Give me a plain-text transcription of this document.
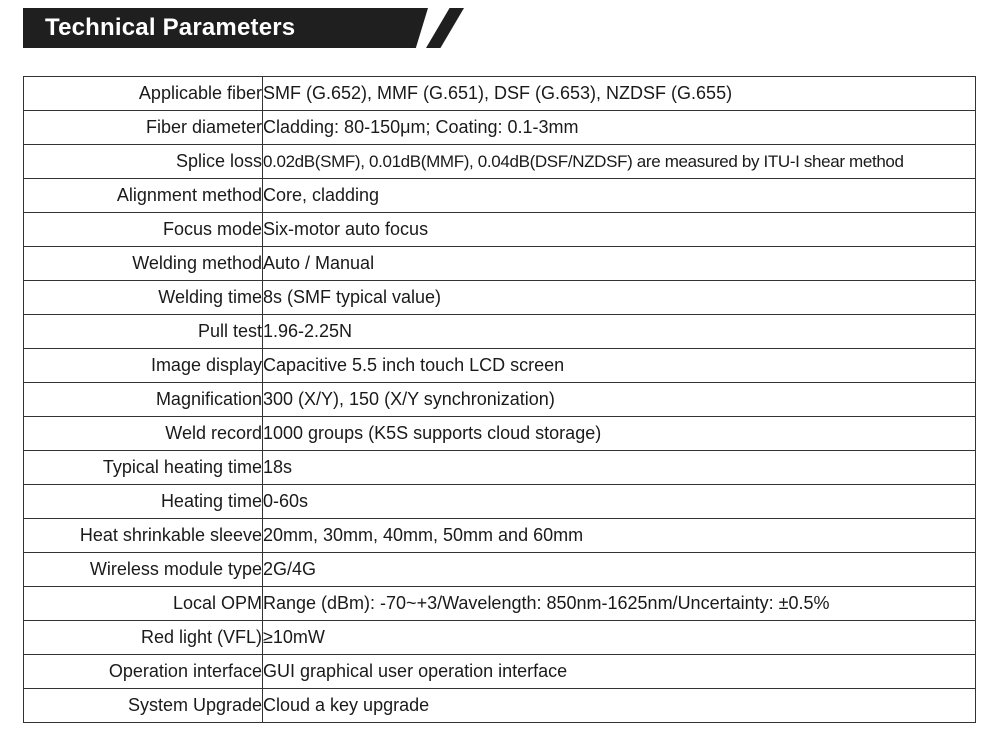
Technical Parameters
Applicable fiber	SMF (G.652), MMF (G.651), DSF (G.653), NZDSF (G.655)
Fiber diameter	Cladding: 80-150μm; Coating: 0.1-3mm
Splice loss	0.02dB(SMF), 0.01dB(MMF), 0.04dB(DSF/NZDSF) are measured by ITU-I shear method
Alignment method	Core, cladding
Focus mode	Six-motor auto focus
Welding method	Auto / Manual
Welding time	8s (SMF typical value)
Pull test	1.96-2.25N
Image display	Capacitive 5.5 inch touch LCD screen
Magnification	300 (X/Y), 150 (X/Y synchronization)
Weld record	1000 groups (K5S supports cloud storage)
Typical heating time	18s
Heating time	0-60s
Heat shrinkable sleeve	20mm, 30mm, 40mm, 50mm and 60mm
Wireless module type	2G/4G
Local OPM	Range (dBm): -70~+3/Wavelength: 850nm-1625nm/Uncertainty: ±0.5%
Red light (VFL)	≥10mW
Operation interface	GUI graphical user operation interface
System Upgrade	Cloud a key upgrade
